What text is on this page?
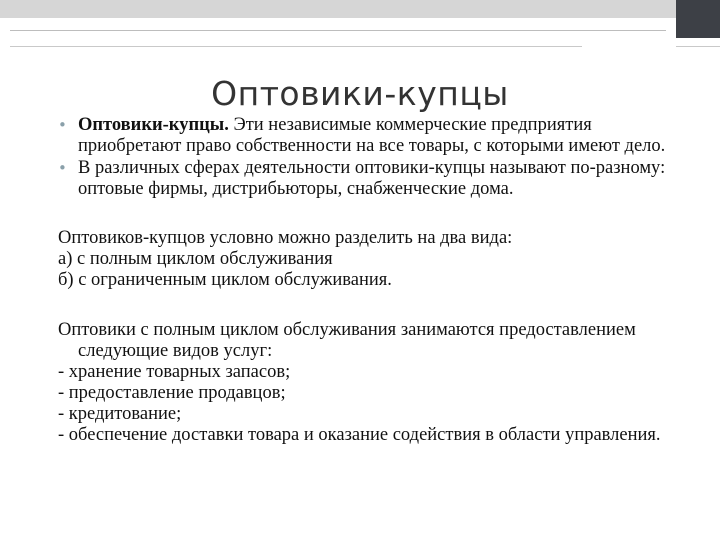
Оптовики-купцы
• Оптовики-купцы. Эти независимые коммерческие предприятия приобретают право собственности на все товары, с которыми имеют дело.
• В различных сферах деятельности оптовики-купцы называют по-разному: оптовые фирмы, дистрибьюторы, снабженческие дома.

Оптовиков-купцов условно можно разделить на два вида:

а) с полным циклом обслуживания

б) с ограниченным циклом обслуживания.

Оптовики с полным циклом обслуживания занимаются предоставлением следующие видов услуг:

- хранение товарных запасов;

- предоставление продавцов;

- кредитование;

- обеспечение доставки товара и оказание содействия в области управления.
